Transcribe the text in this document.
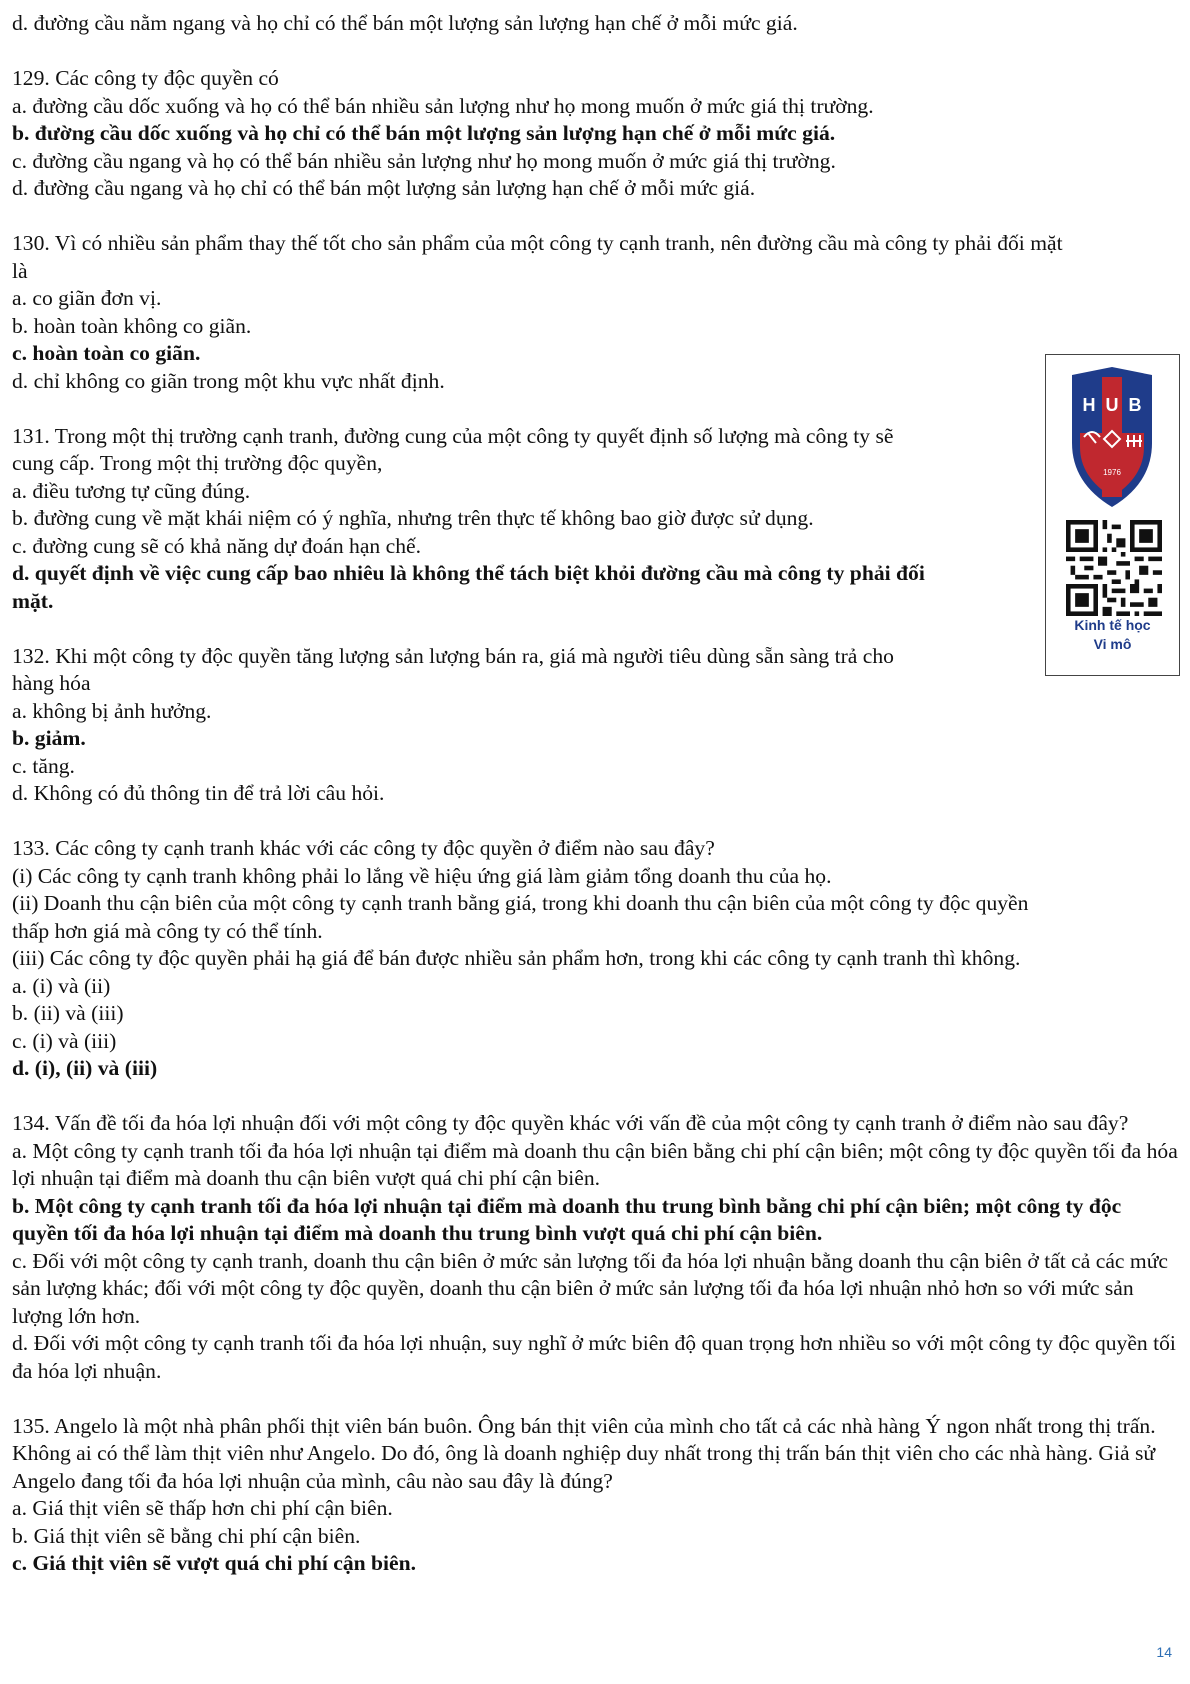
d. đường cầu nằm ngang và họ chỉ có thể bán một lượng sản lượng hạn chế ở mỗi mức giá.
129. Các công ty độc quyền có
a. đường cầu dốc xuống và họ có thể bán nhiều sản lượng như họ mong muốn ở mức giá thị trường.
b. đường cầu dốc xuống và họ chỉ có thể bán một lượng sản lượng hạn chế ở mỗi mức giá.
c. đường cầu ngang và họ có thể bán nhiều sản lượng như họ mong muốn ở mức giá thị trường.
d. đường cầu ngang và họ chỉ có thể bán một lượng sản lượng hạn chế ở mỗi mức giá.
130. Vì có nhiều sản phẩm thay thế tốt cho sản phẩm của một công ty cạnh tranh, nên đường cầu mà công ty phải đối mặt
là
a. co giãn đơn vị.
b. hoàn toàn không co giãn.
c. hoàn toàn co giãn.
d. chỉ không co giãn trong một khu vực nhất định.
131. Trong một thị trường cạnh tranh, đường cung của một công ty quyết định số lượng mà công ty sẽ
cung cấp. Trong một thị trường độc quyền,
a. điều tương tự cũng đúng.
b. đường cung về mặt khái niệm có ý nghĩa, nhưng trên thực tế không bao giờ được sử dụng.
c. đường cung sẽ có khả năng dự đoán hạn chế.
d. quyết định về việc cung cấp bao nhiêu là không thể tách biệt khỏi đường cầu mà công ty phải đối
mặt.
132. Khi một công ty độc quyền tăng lượng sản lượng bán ra, giá mà người tiêu dùng sẵn sàng trả cho
hàng hóa
a. không bị ảnh hưởng.
b. giảm.
c. tăng.
d. Không có đủ thông tin để trả lời câu hỏi.
133. Các công ty cạnh tranh khác với các công ty độc quyền ở điểm nào sau đây?
(i) Các công ty cạnh tranh không phải lo lắng về hiệu ứng giá làm giảm tổng doanh thu của họ.
(ii) Doanh thu cận biên của một công ty cạnh tranh bằng giá, trong khi doanh thu cận biên của một công ty độc quyền
thấp hơn giá mà công ty có thể tính.
(iii) Các công ty độc quyền phải hạ giá để bán được nhiều sản phẩm hơn, trong khi các công ty cạnh tranh thì không.
a. (i) và (ii)
b. (ii) và (iii)
c. (i) và (iii)
d. (i), (ii) và (iii)
134. Vấn đề tối đa hóa lợi nhuận đối với một công ty độc quyền khác với vấn đề của một công ty cạnh tranh ở điểm nào sau đây?
a. Một công ty cạnh tranh tối đa hóa lợi nhuận tại điểm mà doanh thu cận biên bằng chi phí cận biên; một công ty độc quyền tối đa hóa lợi nhuận tại điểm mà doanh thu cận biên vượt quá chi phí cận biên.
b. Một công ty cạnh tranh tối đa hóa lợi nhuận tại điểm mà doanh thu trung bình bằng chi phí cận biên; một công ty độc quyền tối đa hóa lợi nhuận tại điểm mà doanh thu trung bình vượt quá chi phí cận biên.
c. Đối với một công ty cạnh tranh, doanh thu cận biên ở mức sản lượng tối đa hóa lợi nhuận bằng doanh thu cận biên ở tất cả các mức sản lượng khác; đối với một công ty độc quyền, doanh thu cận biên ở mức sản lượng tối đa hóa lợi nhuận nhỏ hơn so với mức sản lượng lớn hơn.
d. Đối với một công ty cạnh tranh tối đa hóa lợi nhuận, suy nghĩ ở mức biên độ quan trọng hơn nhiều so với một công ty độc quyền tối đa hóa lợi nhuận.
135. Angelo là một nhà phân phối thịt viên bán buôn. Ông bán thịt viên của mình cho tất cả các nhà hàng Ý ngon nhất trong thị trấn. Không ai có thể làm thịt viên như Angelo. Do đó, ông là doanh nghiệp duy nhất trong thị trấn bán thịt viên cho các nhà hàng. Giả sử Angelo đang tối đa hóa lợi nhuận của mình, câu nào sau đây là đúng?
a. Giá thịt viên sẽ thấp hơn chi phí cận biên.
b. Giá thịt viên sẽ bằng chi phí cận biên.
c. Giá thịt viên sẽ vượt quá chi phí cận biên.
H U B
1976
Kinh tế học
Vi mô
14
